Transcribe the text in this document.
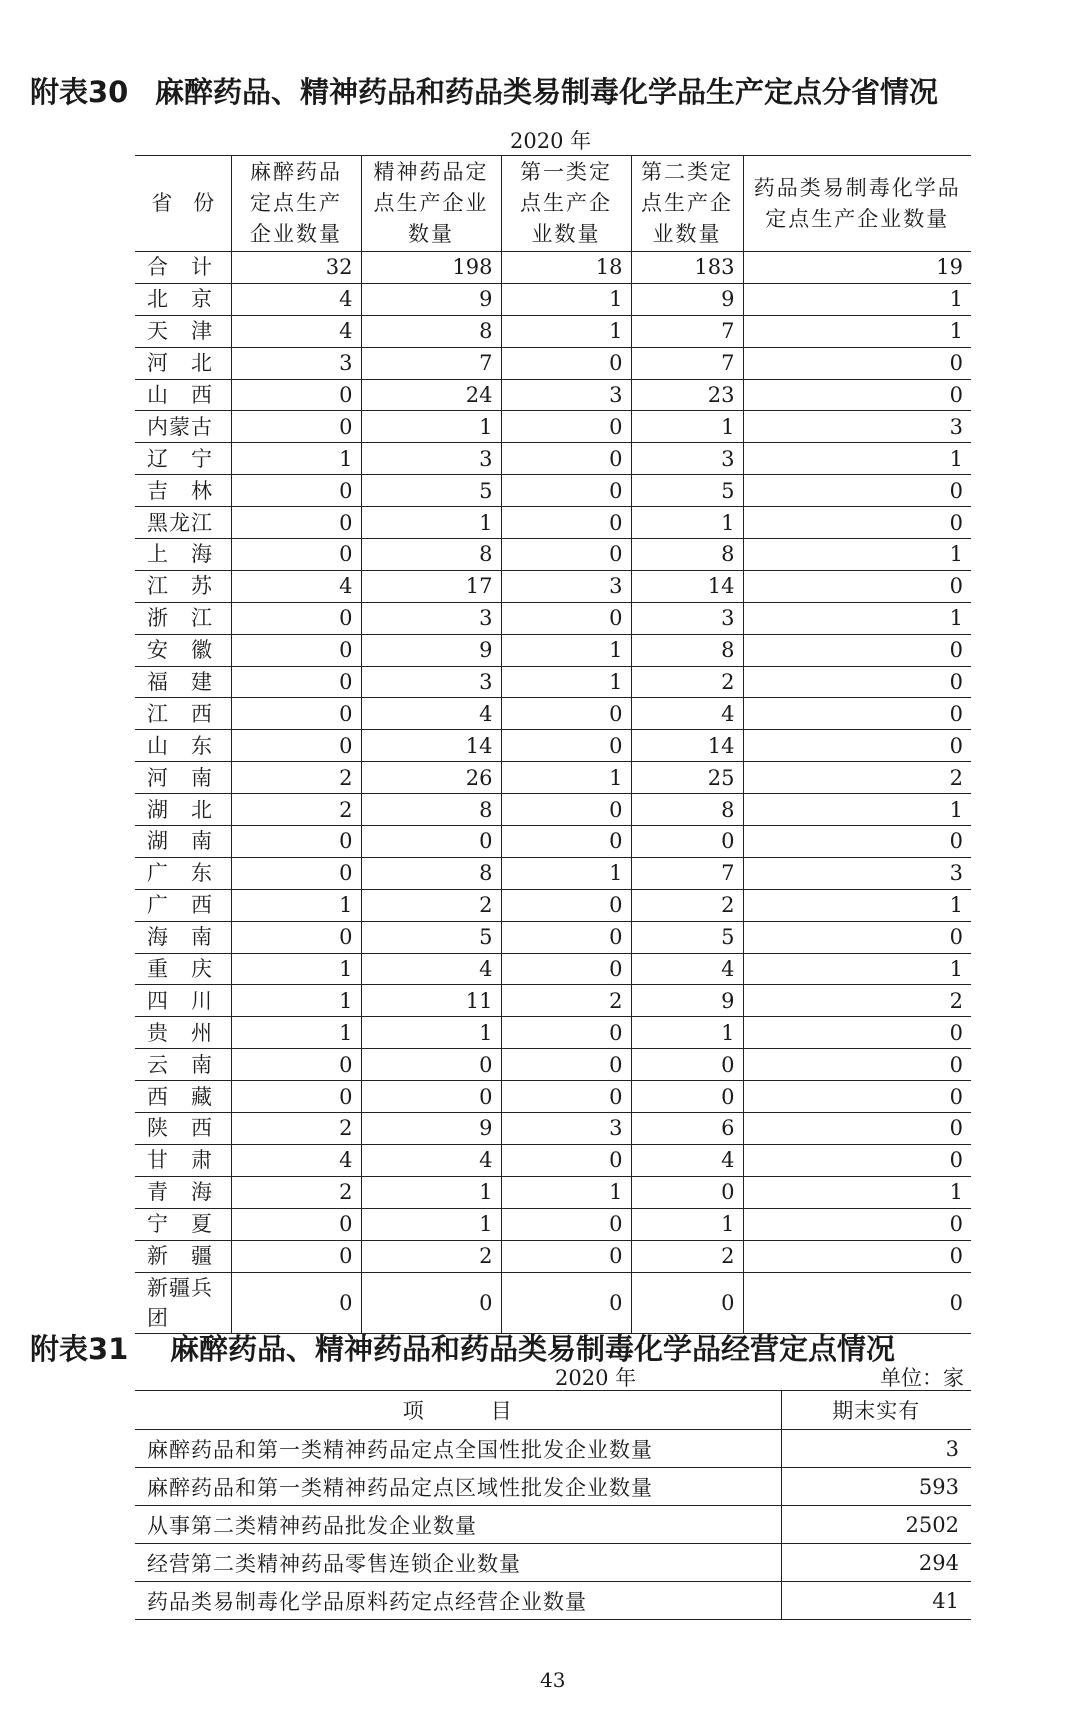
附表30 麻醉药品、精神药品和药品类易制毒化学品生产定点分省情况
2020 年
省　份	麻醉药品定点生产企业数量	精神药品定点生产企业数量	第一类定点生产企业数量	第二类定点生产企业数量	药品类易制毒化学品定点生产企业数量

合　计	32	198	18	183	19
北　京	4	9	1	9	1
天　津	4	8	1	7	1
河　北	3	7	0	7	0
山　西	0	24	3	23	0
内蒙古	0	1	0	1	3
辽　宁	1	3	0	3	1
吉　林	0	5	0	5	0
黑龙江	0	1	0	1	0
上　海	0	8	0	8	1
江　苏	4	17	3	14	0
浙　江	0	3	0	3	1
安　徽	0	9	1	8	0
福　建	0	3	1	2	0
江　西	0	4	0	4	0
山　东	0	14	0	14	0
河　南	2	26	1	25	2
湖　北	2	8	0	8	1
湖　南	0	0	0	0	0
广　东	0	8	1	7	3
广　西	1	2	0	2	1
海　南	0	5	0	5	0
重　庆	1	4	0	4	1
四　川	1	11	2	9	2
贵　州	1	1	0	1	0
云　南	0	0	0	0	0
西　藏	0	0	0	0	0
陕　西	2	9	3	6	0
甘　肃	4	4	0	4	0
青　海	2	1	1	0	1
宁　夏	0	1	0	1	0
新　疆	0	2	0	2	0
新疆兵团	0	0	0	0	0
附表31 麻醉药品、精神药品和药品类易制毒化学品经营定点情况
2020 年	单位：家
项　　　目	期末实有
麻醉药品和第一类精神药品定点全国性批发企业数量	3
麻醉药品和第一类精神药品定点区域性批发企业数量	593
从事第二类精神药品批发企业数量	2502
经营第二类精神药品零售连锁企业数量	294
药品类易制毒化学品原料药定点经营企业数量	41
43
